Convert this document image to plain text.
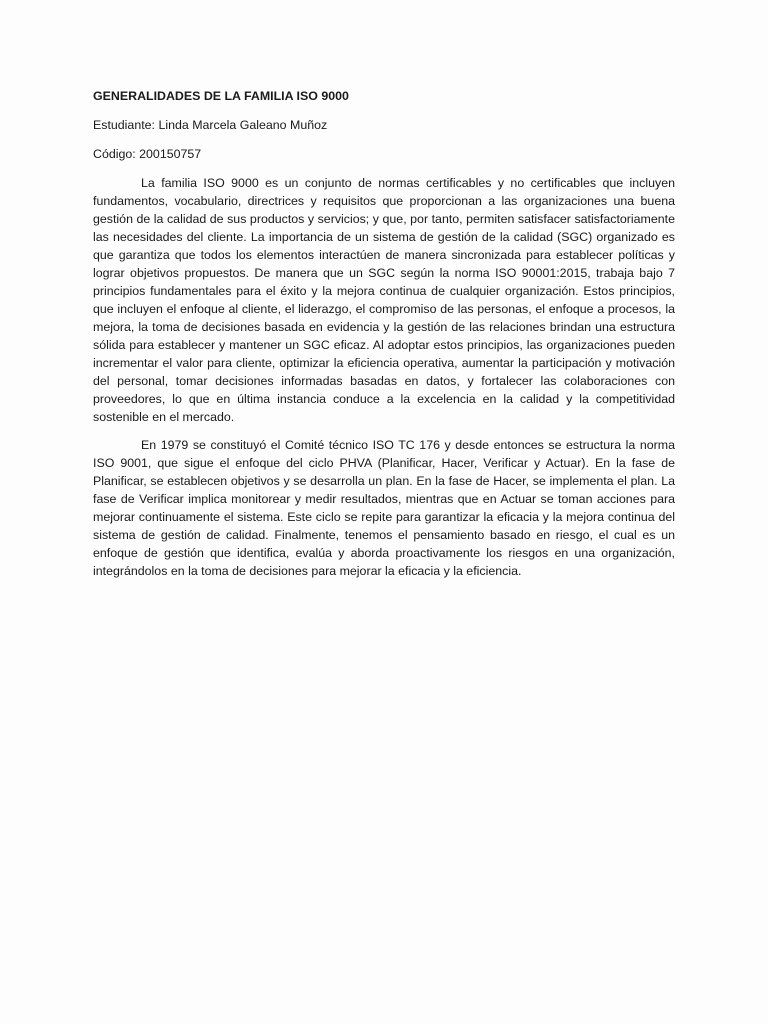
GENERALIDADES DE LA FAMILIA ISO 9000
Estudiante: Linda Marcela Galeano Muñoz
Código: 200150757

La familia ISO 9000 es un conjunto de normas certificables y no certificables que incluyen fundamentos, vocabulario, directrices y requisitos que proporcionan a las organizaciones una buena gestión de la calidad de sus productos y servicios; y que, por tanto, permiten satisfacer satisfactoriamente las necesidades del cliente. La importancia de un sistema de gestión de la calidad (SGC) organizado es que garantiza que todos los elementos interactúen de manera sincronizada para establecer políticas y lograr objetivos propuestos. De manera que un SGC según la norma ISO 90001:2015, trabaja bajo 7 principios fundamentales para el éxito y la mejora continua de cualquier organización. Estos principios, que incluyen el enfoque al cliente, el liderazgo, el compromiso de las personas, el enfoque a procesos, la mejora, la toma de decisiones basada en evidencia y la gestión de las relaciones brindan una estructura sólida para establecer y mantener un SGC eficaz. Al adoptar estos principios, las organizaciones pueden incrementar el valor para cliente, optimizar la eficiencia operativa, aumentar la participación y motivación del personal, tomar decisiones informadas basadas en datos, y fortalecer las colaboraciones con proveedores, lo que en última instancia conduce a la excelencia en la calidad y la competitividad sostenible en el mercado.

En 1979 se constituyó el Comité técnico ISO TC 176 y desde entonces se estructura la norma ISO 9001, que sigue el enfoque del ciclo PHVA (Planificar, Hacer, Verificar y Actuar). En la fase de Planificar, se establecen objetivos y se desarrolla un plan. En la fase de Hacer, se implementa el plan. La fase de Verificar implica monitorear y medir resultados, mientras que en Actuar se toman acciones para mejorar continuamente el sistema. Este ciclo se repite para garantizar la eficacia y la mejora continua del sistema de gestión de calidad. Finalmente, tenemos el pensamiento basado en riesgo, el cual es un enfoque de gestión que identifica, evalúa y aborda proactivamente los riesgos en una organización, integrándolos en la toma de decisiones para mejorar la eficacia y la eficiencia.
